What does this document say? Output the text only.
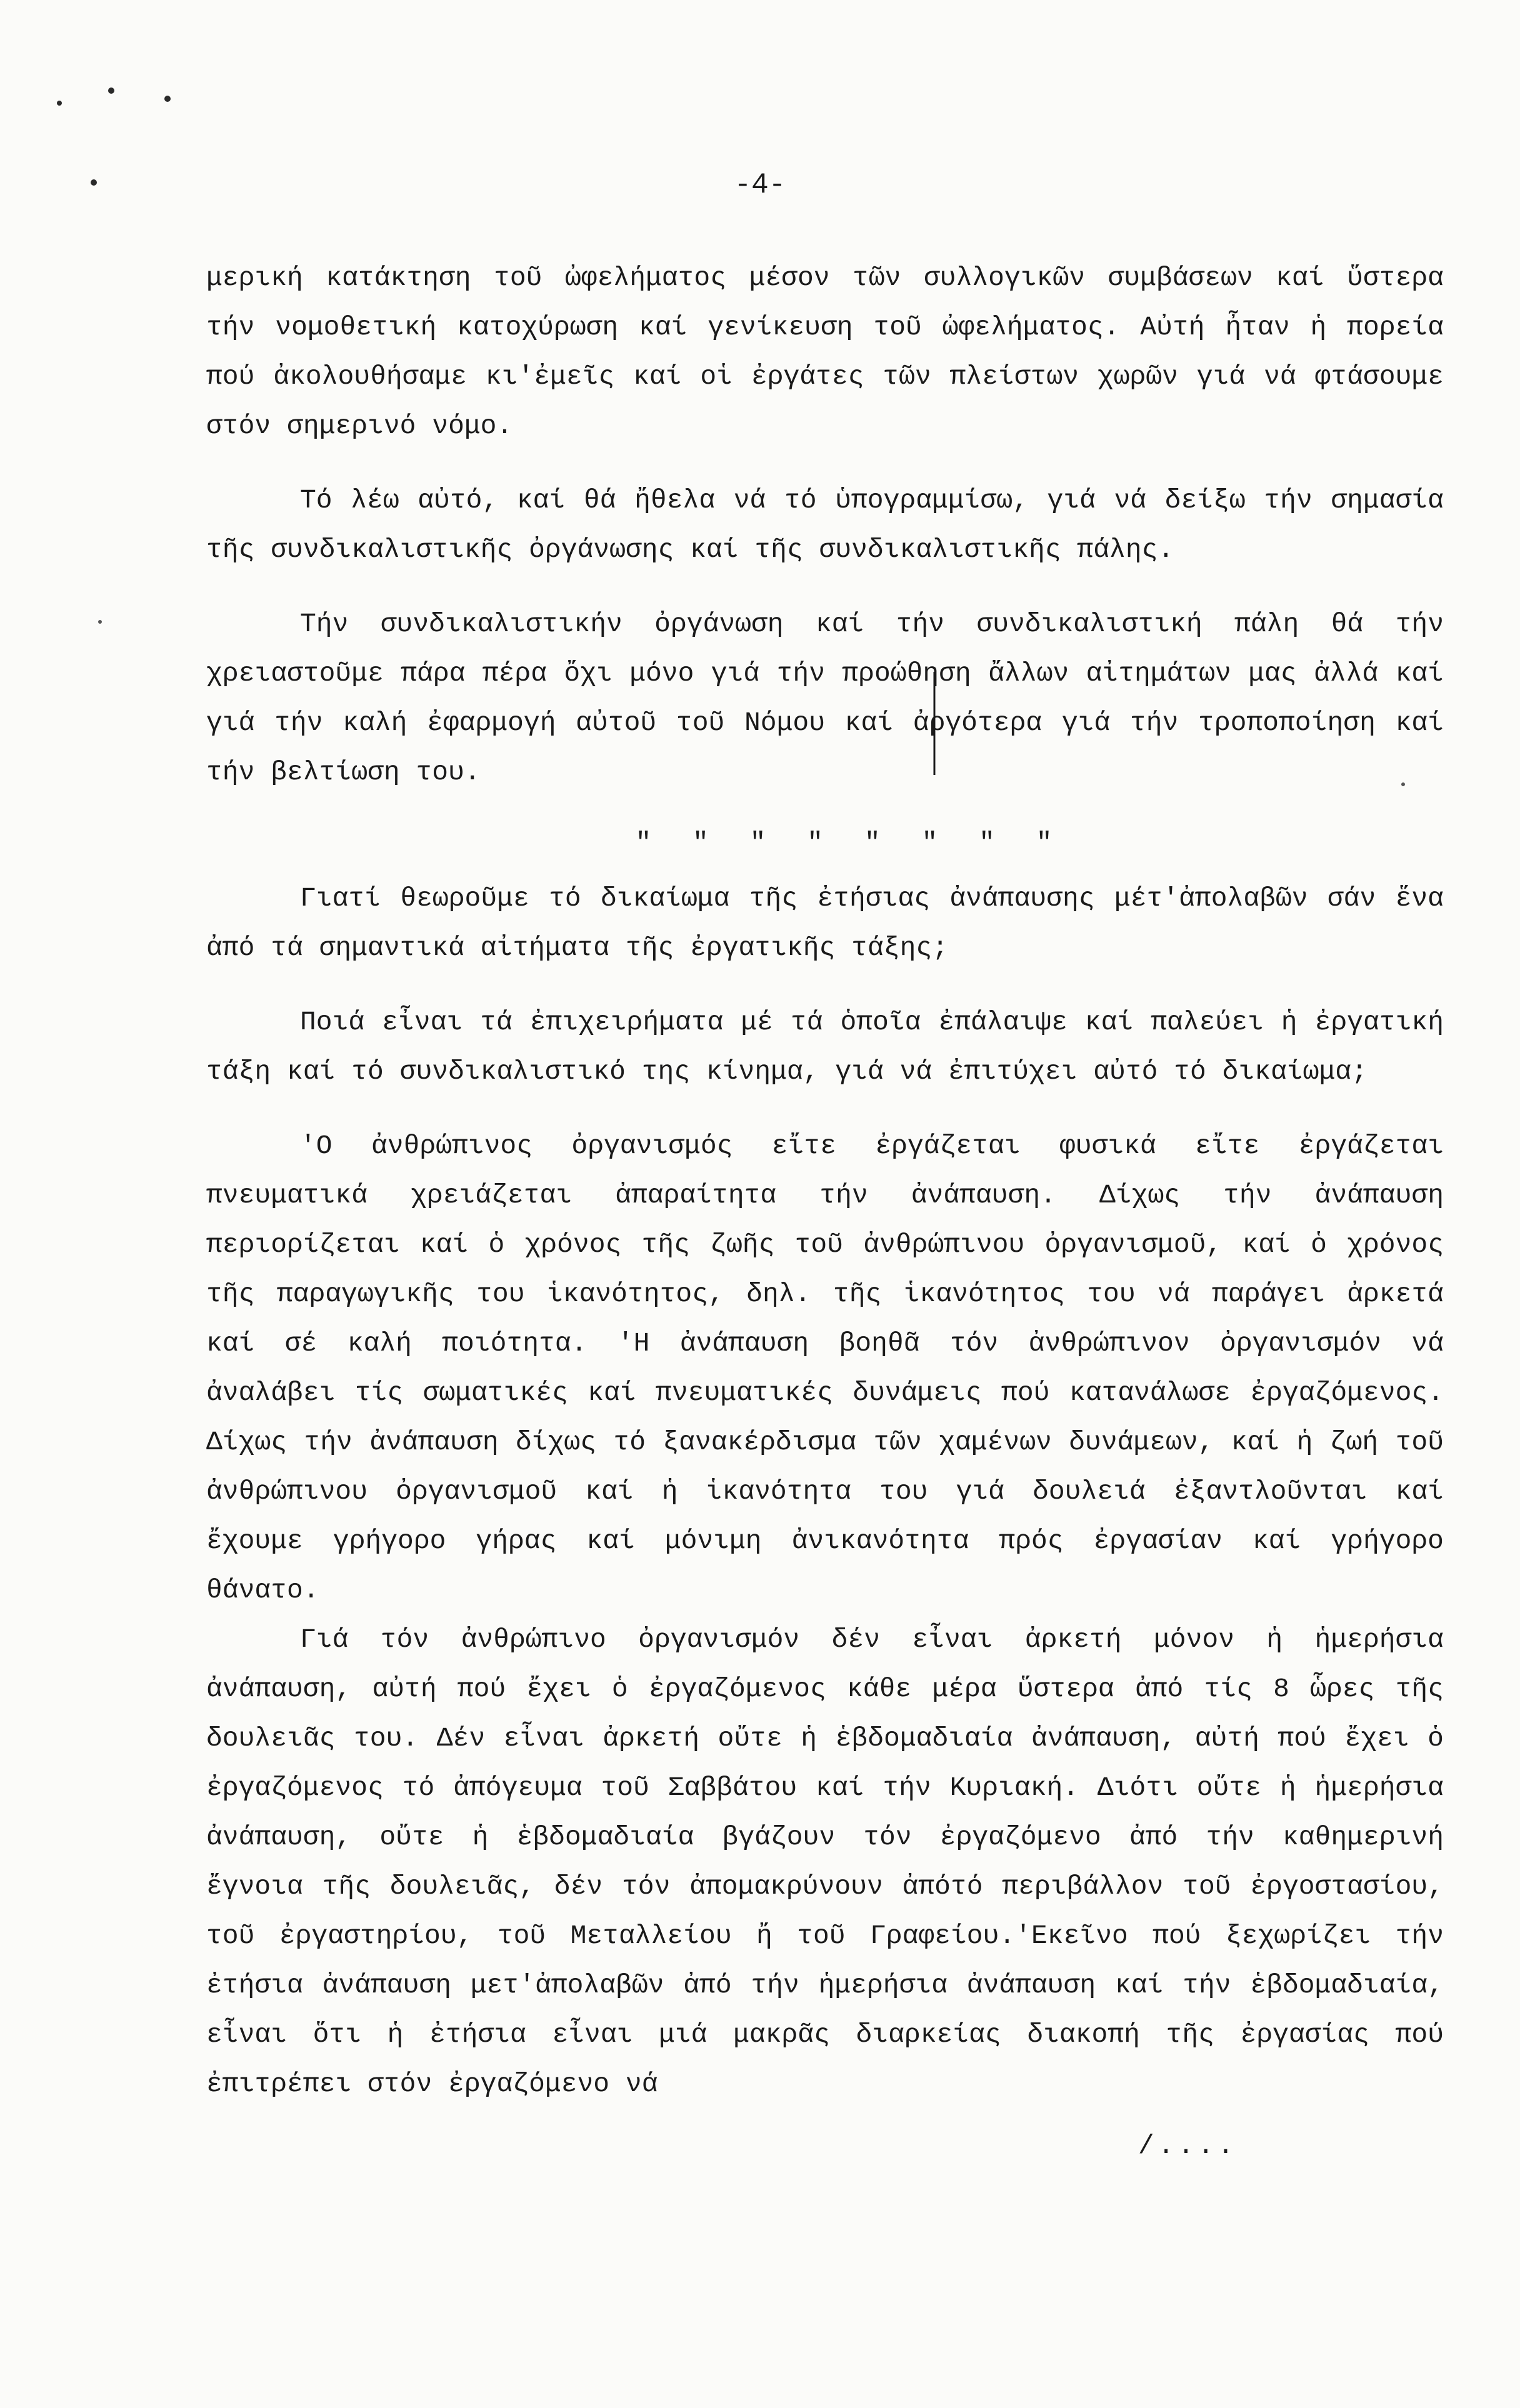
-4-

μερική κατάκτηση τοῦ ὠφελήματος μέσον τῶν συλλογικῶν συμβάσεων καί ὕστερα τήν νομοθετική κατοχύρωση καί γενίκευση τοῦ ὠφελήματος. Αὐτή ἦταν ἡ πορεία πού ἀκολουθήσαμε κι'ἐμεῖς καί οἱ ἐργάτες τῶν πλείστων χωρῶν γιά νά φτάσουμε στόν σημερινό νόμο.

Τό λέω αὐτό, καί θά ἤθελα νά τό ὑπογραμμίσω, γιά νά δείξω τήν σημασία τῆς συνδικαλιστικῆς ὀργάνωσης καί τῆς συνδικαλιστικῆς πάλης.

Τήν συνδικαλιστικήν ὀργάνωση καί τήν συνδικαλιστική πάλη θά τήν χρειαστοῦμε πάρα πέρα ὄχι μόνο γιά τήν προώθηση ἄλλων αἰτημάτων μας ἀλλά καί γιά τήν καλή ἐφαρμογή αὐτοῦ τοῦ Νόμου καί ἀργότερα γιά τήν τροποποίηση καί τήν βελτίωση του.

" " " " " " " "

Γιατί θεωροῦμε τό δικαίωμα τῆς ἐτήσιας ἀνάπαυσης μέτ'ἀπολαβῶν σάν ἕνα ἀπό τά σημαντικά αἰτήματα τῆς ἐργατικῆς τάξης;

Ποιά εἶναι τά ἐπιχειρήματα μέ τά ὁποῖα ἐπάλαιψε καί παλεύει ἡ ἐργατική τάξη καί τό συνδικαλιστικό της κίνημα, γιά νά ἐπιτύχει αὐτό τό δικαίωμα;

'Ο ἀνθρώπινος ὀργανισμός εἴτε ἐργάζεται φυσικά εἴτε ἐργάζεται πνευματικά χρειάζεται ἀπαραίτητα τήν ἀνάπαυση. Δίχως τήν ἀνάπαυση περιορίζεται καί ὁ χρόνος τῆς ζωῆς τοῦ ἀνθρώπινου ὀργανισμοῦ, καί ὁ χρόνος τῆς παραγωγικῆς του ἱκανότητος, δηλ. τῆς ἱκανότητος του νά παράγει ἀρκετά καί σέ καλή ποιότητα. 'Η ἀνάπαυση βοηθᾶ τόν ἀνθρώπινον ὀργανισμόν νά ἀναλάβει τίς σωματικές καί πνευματικές δυνάμεις πού κατανάλωσε ἐργαζόμενος. Δίχως τήν ἀνάπαυση δίχως τό ξανακέρδισμα τῶν χαμένων δυνάμεων, καί ἡ ζωή τοῦ ἀνθρώπινου ὀργανισμοῦ καί ἡ ἱκανότητα του γιά δουλειά ἐξαντλοῦνται καί ἔχουμε γρήγορο γήρας καί μόνιμη ἀνικανότητα πρός ἐργασίαν καί γρήγορο θάνατο.

Γιά τόν ἀνθρώπινο ὀργανισμόν δέν εἶναι ἀρκετή μόνον ἡ ἡμερήσια ἀνάπαυση, αὐτή πού ἔχει ὁ ἐργαζόμενος κάθε μέρα ὕστερα ἀπό τίς 8 ὧρες τῆς δουλειᾶς του. Δέν εἶναι ἀρκετή οὔτε ἡ ἑβδομαδιαία ἀνάπαυση, αὐτή πού ἔχει ὁ ἐργαζόμενος τό ἀπόγευμα τοῦ Σαββάτου καί τήν Κυριακή. Διότι οὔτε ἡ ἡμερήσια ἀνάπαυση, οὔτε ἡ ἑβδομαδιαία βγάζουν τόν ἐργαζόμενο ἀπό τήν καθημερινή ἔγνοια τῆς δουλειᾶς, δέν τόν ἀπομακρύνουν ἀπότό περιβάλλον τοῦ ἐργοστασίου, τοῦ ἐργαστηρίου, τοῦ Μεταλλείου ἤ τοῦ Γραφείου.'Εκεῖνο πού ξεχωρίζει τήν ἐτήσια ἀνάπαυση μετ'ἀπολαβῶν ἀπό τήν ἡμερήσια ἀνάπαυση καί τήν ἑβδομαδιαία, εἶναι ὅτι ἡ ἐτήσια εἶναι μιά μακρᾶς διαρκείας διακοπή τῆς ἐργασίας πού ἐπιτρέπει στόν ἐργαζόμενο νά

/....
